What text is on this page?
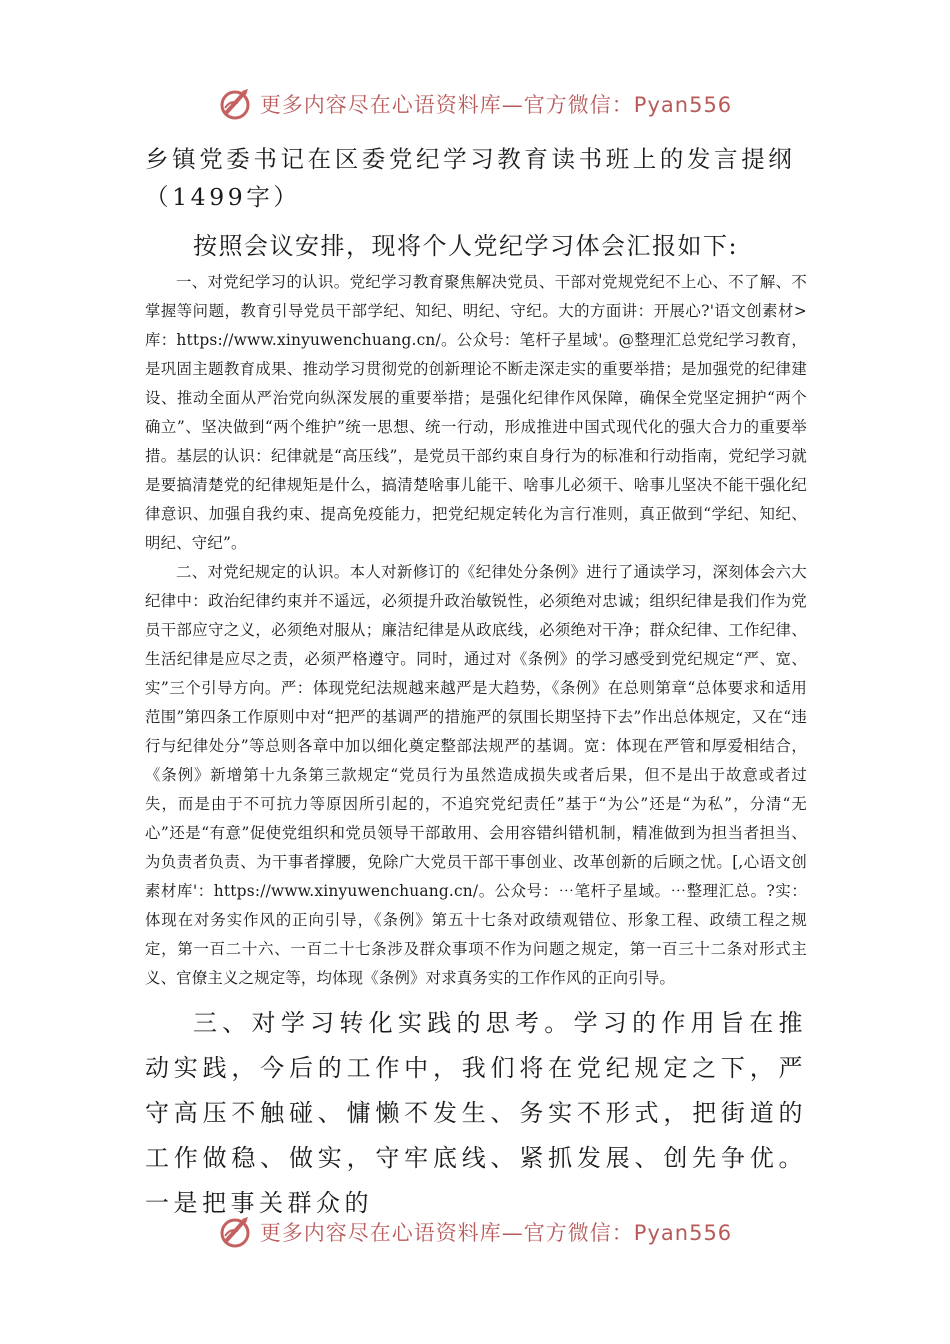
更多内容尽在心语资料库—官方微信：Pyan556
乡镇党委书记在区委党纪学习教育读书班上的发言提纲（1499字）
按照会议安排，现将个人党纪学习体会汇报如下:

一、对党纪学习的认识。党纪学习教育聚焦解决党员、干部对党规党纪不上心、不了解、不掌握等问题，教育引导党员干部学纪、知纪、明纪、守纪。大的方面讲：开展心?'语文创素材>库：https://www.xinyuwenchuang.cn/。公众号：笔杆子星域'。@整理汇总党纪学习教育，是巩固主题教育成果、推动学习贯彻党的创新理论不断走深走实的重要举措；是加强党的纪律建设、推动全面从严治党向纵深发展的重要举措；是强化纪律作风保障，确保全党坚定拥护“两个确立”、坚决做到“两个维护”统一思想、统一行动，形成推进中国式现代化的强大合力的重要举措。基层的认识：纪律就是“高压线”，是党员干部约束自身行为的标准和行动指南，党纪学习就是要搞清楚党的纪律规矩是什么，搞清楚啥事儿能干、啥事儿必须干、啥事儿坚决不能干强化纪律意识、加强自我约束、提高免疫能力，把党纪规定转化为言行准则，真正做到“学纪、知纪、明纪、守纪”。

二、对党纪规定的认识。本人对新修订的《纪律处分条例》进行了通读学习，深刻体会六大纪律中：政治纪律约束并不遥远，必须提升政治敏锐性，必须绝对忠诚；组织纪律是我们作为党员干部应守之义，必须绝对服从；廉洁纪律是从政底线，必须绝对干净；群众纪律、工作纪律、生活纪律是应尽之责，必须严格遵守。同时，通过对《条例》的学习感受到党纪规定“严、宽、实”三个引导方向。严：体现党纪法规越来越严是大趋势，《条例》在总则第章“总体要求和适用范围”第四条工作原则中对“把严的基调严的措施严的氛围长期坚持下去”作出总体规定，又在“违行与纪律处分”等总则各章中加以细化奠定整部法规严的基调。宽：体现在严管和厚爱相结合，《条例》新增第十九条第三款规定“党员行为虽然造成损失或者后果，但不是出于故意或者过失，而是由于不可抗力等原因所引起的，不追究党纪责任”基于“为公”还是“为私”，分清“无心”还是“有意”促使党组织和党员领导干部敢用、会用容错纠错机制，精准做到为担当者担当、为负责者负责、为干事者撑腰，免除广大党员干部干事创业、改革创新的后顾之忧。[,心语文创素材库'：https://www.xinyuwenchuang.cn/。公众号：⋯笔杆子星域。⋯整理汇总。?实：体现在对务实作风的正向引导，《条例》第五十七条对政绩观错位、形象工程、政绩工程之规定，第一百二十六、一百二十七条涉及群众事项不作为问题之规定，第一百三十二条对形式主义、官僚主义之规定等，均体现《条例》对求真务实的工作作风的正向引导。

三、对学习转化实践的思考。学习的作用旨在推动实践，今后的工作中，我们将在党纪规定之下，严守高压不触碰、慵懒不发生、务实不形式，把街道的工作做稳、做实，守牢底线、紧抓发展、创先争优。一是把事关群众的

更多内容尽在心语资料库—官方微信：Pyan556
